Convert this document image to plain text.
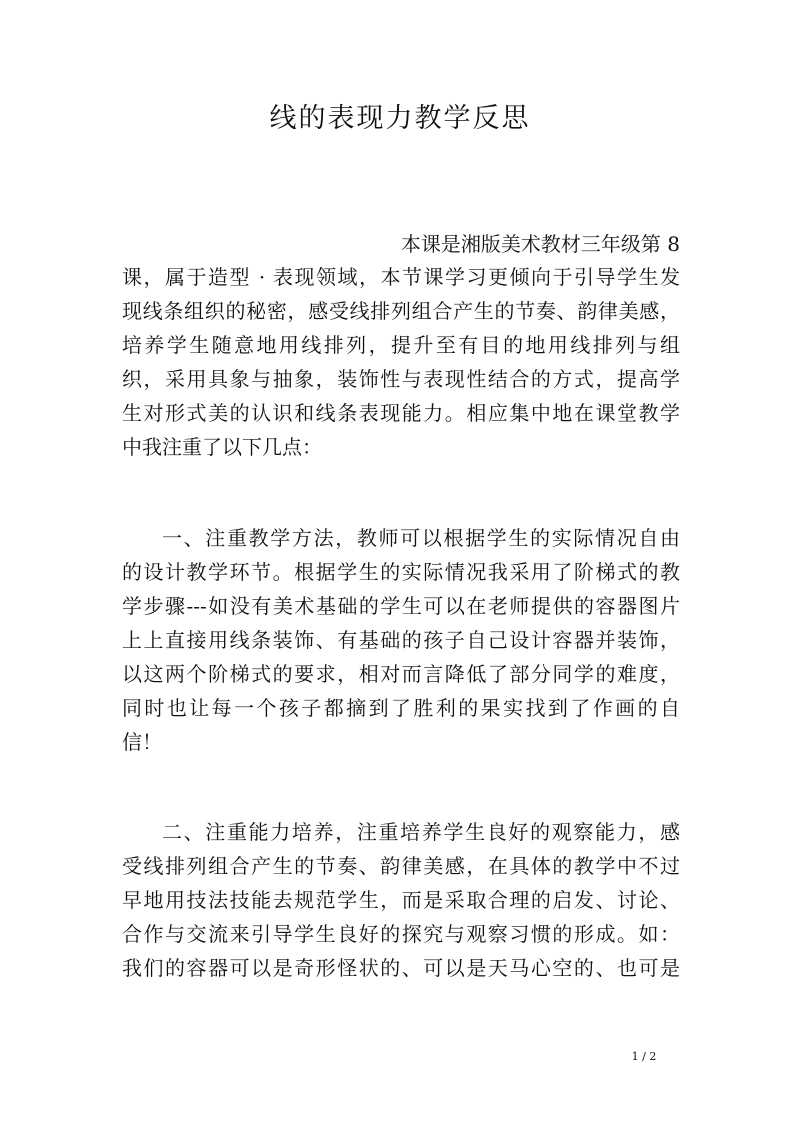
线的表现力教学反思
本课是湘版美术教材三年级第 8
课，属于造型 · 表现领域，本节课学习更倾向于引导学生发
现线条组织的秘密，感受线排列组合产生的节奏、韵律美感，
培养学生随意地用线排列，提升至有目的地用线排列与组
织，采用具象与抽象，装饰性与表现性结合的方式，提高学
生对形式美的认识和线条表现能力。相应集中地在课堂教学
中我注重了以下几点：
一、注重教学方法，教师可以根据学生的实际情况自由
的设计教学环节。根据学生的实际情况我采用了阶梯式的教
学步骤---如没有美术基础的学生可以在老师提供的容器图片
上上直接用线条装饰、有基础的孩子自己设计容器并装饰，
以这两个阶梯式的要求，相对而言降低了部分同学的难度，
同时也让每一个孩子都摘到了胜利的果实找到了作画的自
信！
二、注重能力培养，注重培养学生良好的观察能力，感
受线排列组合产生的节奏、韵律美感，在具体的教学中不过
早地用技法技能去规范学生，而是采取合理的启发、讨论、
合作与交流来引导学生良好的探究与观察习惯的形成。如：
我们的容器可以是奇形怪状的、可以是天马心空的、也可是
1 / 2
